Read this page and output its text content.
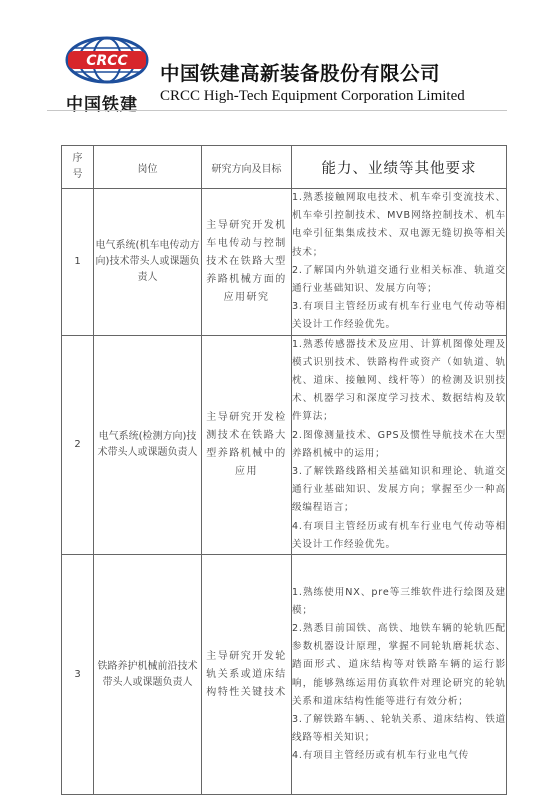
CRCC
中国铁建
中国铁建高新装备股份有限公司
CRCC High-Tech Equipment Corporation Limited
序
号	岗位	研究方向及目标	能力、业绩等其他要求
1	电气系统(机车电传动方向)技术带头人或课题负责人	主导研究开发机车电传动与控制技术在铁路大型养路机械方面的应用研究	1.熟悉接触网取电技术、机车牵引变流技术、机车牵引控制技术、MVB网络控制技术、机车电牵引征集集成技术、双电源无缝切换等相关技术；
2.了解国内外轨道交通行业相关标准、轨道交通行业基础知识、发展方向等；
3.有项目主管经历或有机车行业电气传动等相关设计工作经验优先。

2	电气系统(检测方向)技术带头人或课题负责人	主导研究开发检测技术在铁路大型养路机械中的应用	1.熟悉传感器技术及应用、计算机图像处理及模式识别技术、铁路构件或资产（如轨道、轨枕、道床、接触网、线杆等）的检测及识别技术、机器学习和深度学习技术、数据结构及软件算法；
2.图像测量技术、GPS及惯性导航技术在大型养路机械中的运用；
3.了解铁路线路相关基础知识和理论、轨道交通行业基础知识、发展方向；掌握至少一种高级编程语言；
4.有项目主管经历或有机车行业电气传动等相关设计工作经验优先。

3	铁路养护机械前沿技术带头人或课题负责人	主导研究开发轮轨关系或道床结构特性关键技术	1.熟练使用NX、pre等三维软件进行绘图及建模；
2.熟悉目前国铁、高铁、地铁车辆的轮轨匹配参数机器设计原理，掌握不同轮轨磨耗状态、踏面形式、道床结构等对铁路车辆的运行影响，能够熟练运用仿真软件对理论研究的轮轨关系和道床结构性能等进行有效分析；
3.了解铁路车辆、、轮轨关系、道床结构、铁道线路等相关知识；
4.有项目主管经历或有机车行业电气传
